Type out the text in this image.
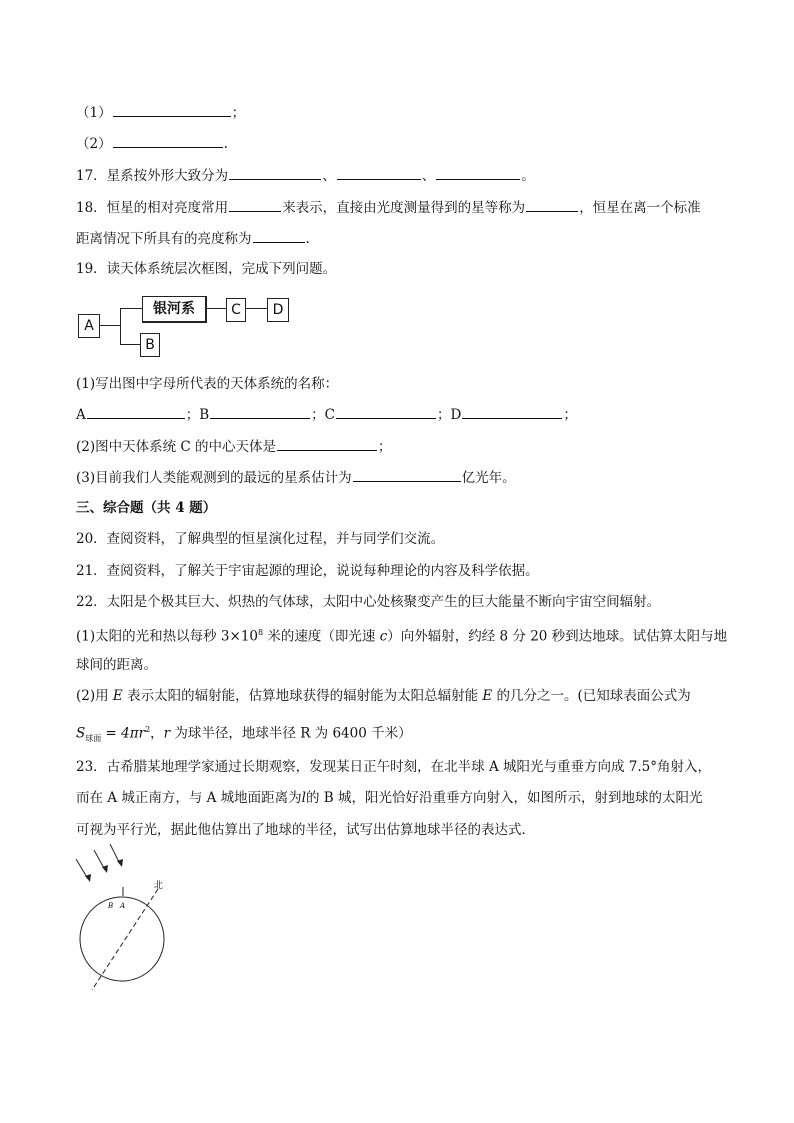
（1）	；
（2）	.
17．星系按外形大致分为	、	、	。
18．恒星的相对亮度常用	来表示，直接由光度测量得到的星等称为	，恒星在离一个标准
距离情况下所具有的亮度称为	.
19．读天体系统层次框图，完成下列问题。
A
银河系	C	D
B
(1)写出图中字母所代表的天体系统的名称：
A	；B	；C	；D	；
(2)图中天体系统 C 的中心天体是	；
(3)目前我们人类能观测到的最远的星系估计为	亿光年。
三、综合题（共 4 题）
20．查阅资料，了解典型的恒星演化过程，并与同学们交流。
21．查阅资料，了解关于宇宙起源的理论，说说每种理论的内容及科学依据。
22．太阳是个极其巨大、炽热的气体球，太阳中心处核聚变产生的巨大能量不断向宇宙空间辐射。
(1)太阳的光和热以每秒 $3\times 10^8$ 米的速度（即光速 c）向外辐射，约经 8 分 20 秒到达地球。试估算太阳与地
球间的距离。
(2)用 E 表示太阳的辐射能，估算地球获得的辐射能为太阳总辐射能 E 的几分之一。(已知球表面公式为
$S_{球面} = 4\pi r^2$，r 为球半径，地球半径 R 为 6400 千米）
23．古希腊某地理学家通过长期观察，发现某日正午时刻，在北半球 A 城阳光与重垂方向成 7.5°角射入，
而在 A 城正南方，与 A 城地面距离为l的 B 城，阳光恰好沿重垂方向射入，如图所示，射到地球的太阳光
可视为平行光，据此他估算出了地球的半径，试写出估算地球半径的表达式．
北
B A
